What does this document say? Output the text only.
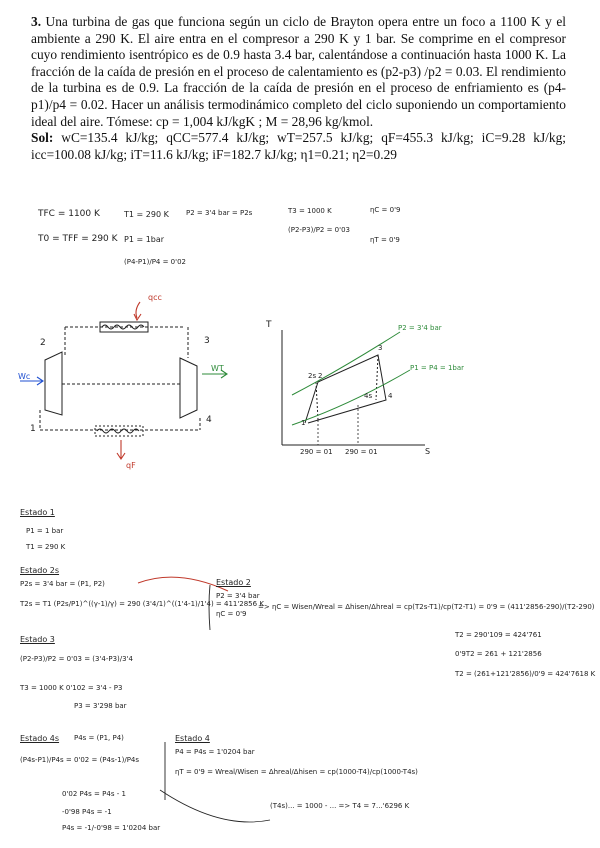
3. Una turbina de gas que funciona según un ciclo de Brayton opera entre un foco a 1100 K y el ambiente a 290 K. El aire entra en el compresor a 290 K y 1 bar. Se comprime en el compresor cuyo rendimiento isentrópico es de 0.9 hasta 3.4 bar, calentándose a continuación hasta 1000 K. La fracción de la caída de presión en el proceso de calentamiento es (p2-p3) /p2 = 0.03. El rendimiento de la turbina es de 0.9. La fracción de la caída de presión en el proceso de enfriamiento es (p4-p1)/p4 = 0.02. Hacer un análisis termodinámico completo del ciclo suponiendo un comportamiento ideal del aire. Tómese: cp = 1,004 kJ/kgK ; M = 28,96 kg/kmol.

Sol: wC=135.4 kJ/kg; qCC=577.4 kJ/kg; wT=257.5 kJ/kg; qF=455.3 kJ/kg; iC=9.28 kJ/kg; icc=100.08 kJ/kg; iT=11.6 kJ/kg; iF=182.7 kJ/kg; η1=0.21; η2=0.29

TFC = 1100 K
T0 = TFF = 290 K
T1 = 290 K
P1 = 1bar
(P4-P1)/P4 = 0'02
P2 = 3'4 bar = P2s	T3 = 1000 K
(P2-P3)/P2 = 0'03
ηC = 0'9
ηT = 0'9
qcc
qF
Wc
WT
2	3
1
4
T
S
P2 = 3'4 bar
P1 = P4 = 1bar
290 = 01 290 = 01
2s 2
3
4
4s
1
Estado 1
P1 = 1 bar
T1 = 290 K
Estado 2s
P2s = 3'4 bar = (P1, P2)
T2s = T1 (P2s/P1)^((γ-1)/γ) = 290 (3'4/1)^((1'4-1)/1'4) = 411'2856 K
Estado 2
P2 = 3'4 bar
ηC = 0'9
=> ηC = Wisen/Wreal = Δhisen/Δhreal = cp(T2s-T1)/cp(T2-T1) = 0'9 = (411'2856-290)/(T2-290)
T2 = 290'109 = 424'761
0'9T2 = 261 + 121'2856
T2 = (261+121'2856)/0'9 = 424'7618 K
Estado 3
(P2-P3)/P2 = 0'03 = (3'4-P3)/3'4
T3 = 1000 K 0'102 = 3'4 - P3
P3 = 3'298 bar
Estado 4s P4s = (P1, P4)
(P4s-P1)/P4s = 0'02 = (P4s-1)/P4s
0'02 P4s = P4s - 1
-0'98 P4s = -1
P4s = -1/-0'98 = 1'0204 bar
Estado 4
P4 = P4s = 1'0204 bar
ηT = 0'9 = Wreal/Wisen = Δhreal/Δhisen = cp(1000-T4)/cp(1000-T4s)
(T4s)... = 1000 - ... => T4 = 7...'6296 K
